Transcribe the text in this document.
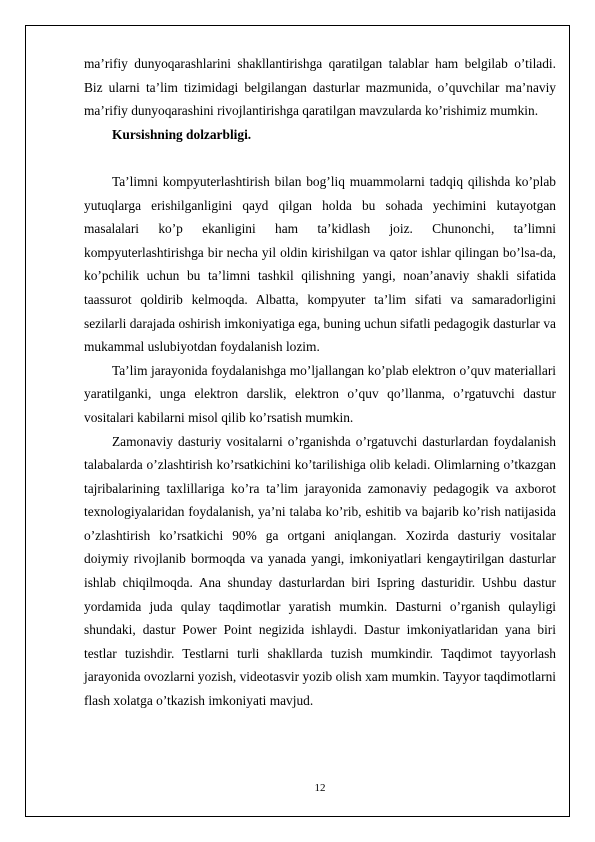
ma’rifiy dunyoqarashlarini shakllantirishga qaratilgan talablar ham belgilab o’tiladi. Biz ularni ta’lim tizimidagi belgilangan dasturlar mazmunida, o’quvchilar ma’naviy ma’rifiy dunyoqarashini rivojlantirishga qaratilgan mavzularda ko’rishimiz mumkin.

Kursishning dolzarbligi.

Ta’limni kompyuterlashtirish bilan bog’liq muammolarni tadqiq qilishda ko’plab yutuqlarga erishilganligini qayd qilgan holda bu sohada yechimini kutayotgan masalalari ko’p ekanligini ham ta’kidlash joiz. Chunonchi, ta’limni kompyuterlashtirishga bir necha yil oldin kirishilgan va qator ishlar qilingan bo’lsa-da, ko’pchilik uchun bu ta’limni tashkil qilishning yangi, noan’anaviy shakli sifatida taassurot qoldirib kelmoqda. Albatta, kompyuter ta’lim sifati va samaradorligini sezilarli darajada oshirish imkoniyatiga ega, buning uchun sifatli pedagogik dasturlar va mukammal uslubiyotdan foydalanish lozim.

Ta’lim jarayonida foydalanishga mo’ljallangan ko’plab elektron o’quv materiallari yaratilganki, unga elektron darslik, elektron o’quv qo’llanma, o’rgatuvchi dastur vositalari kabilarni misol qilib ko’rsatish mumkin.

Zamonaviy dasturiy vositalarni o’rganishda o’rgatuvchi dasturlardan foydalanish talabalarda o’zlashtirish ko’rsatkichini ko’tarilishiga olib keladi. Olimlarning o’tkazgan tajribalarining taxlillariga ko’ra ta’lim jarayonida zamonaviy pedagogik va axborot texnologiyalaridan foydalanish, ya’ni talaba ko’rib, eshitib va bajarib ko’rish natijasida o’zlashtirish ko’rsatkichi 90% ga ortgani aniqlangan. Xozirda dasturiy vositalar doiymiy rivojlanib bormoqda va yanada yangi, imkoniyatlari kengaytirilgan dasturlar ishlab chiqilmoqda. Ana shunday dasturlardan biri Ispring dasturidir. Ushbu dastur yordamida juda qulay taqdimotlar yaratish mumkin. Dasturni o’rganish qulayligi shundaki, dastur Power Point negizida ishlaydi. Dastur imkoniyatlaridan yana biri testlar tuzishdir. Testlarni turli shakllarda tuzish mumkindir. Taqdimot tayyorlash jarayonida ovozlarni yozish, videotasvir yozib olish xam mumkin. Tayyor taqdimotlarni flash xolatga o’tkazish imkoniyati mavjud.

12
